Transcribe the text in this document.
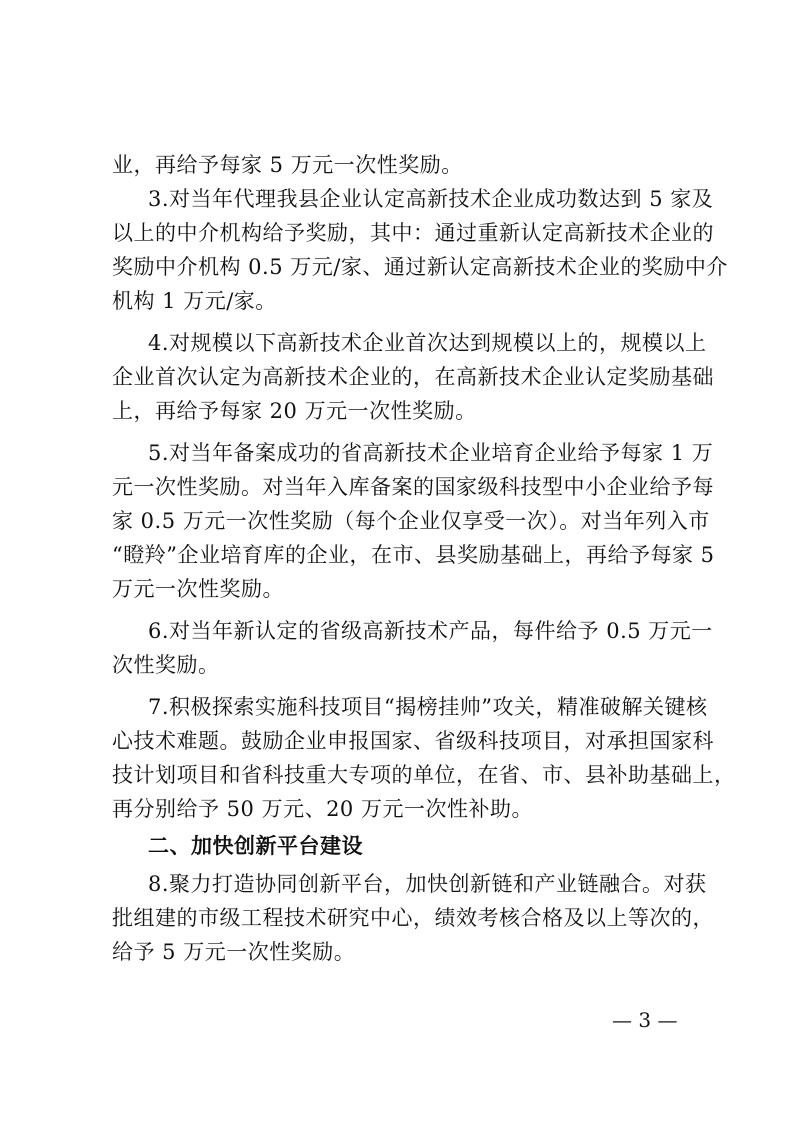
业，再给予每家 5 万元一次性奖励。
3.对当年代理我县企业认定高新技术企业成功数达到 5 家及
以上的中介机构给予奖励，其中：通过重新认定高新技术企业的
奖励中介机构 0.5 万元/家、通过新认定高新技术企业的奖励中介
机构 1 万元/家。
4.对规模以下高新技术企业首次达到规模以上的，规模以上
企业首次认定为高新技术企业的，在高新技术企业认定奖励基础
上，再给予每家 20 万元一次性奖励。
5.对当年备案成功的省高新技术企业培育企业给予每家 1 万
元一次性奖励。对当年入库备案的国家级科技型中小企业给予每
家 0.5 万元一次性奖励（每个企业仅享受一次）。对当年列入市
“瞪羚”企业培育库的企业，在市、县奖励基础上，再给予每家 5
万元一次性奖励。
6.对当年新认定的省级高新技术产品，每件给予 0.5 万元一
次性奖励。
7.积极探索实施科技项目“揭榜挂帅”攻关，精准破解关键核
心技术难题。鼓励企业申报国家、省级科技项目，对承担国家科
技计划项目和省科技重大专项的单位，在省、市、县补助基础上，
再分别给予 50 万元、20 万元一次性补助。
二、加快创新平台建设
8.聚力打造协同创新平台，加快创新链和产业链融合。对获
批组建的市级工程技术研究中心，绩效考核合格及以上等次的，
给予 5 万元一次性奖励。
— 3 —
